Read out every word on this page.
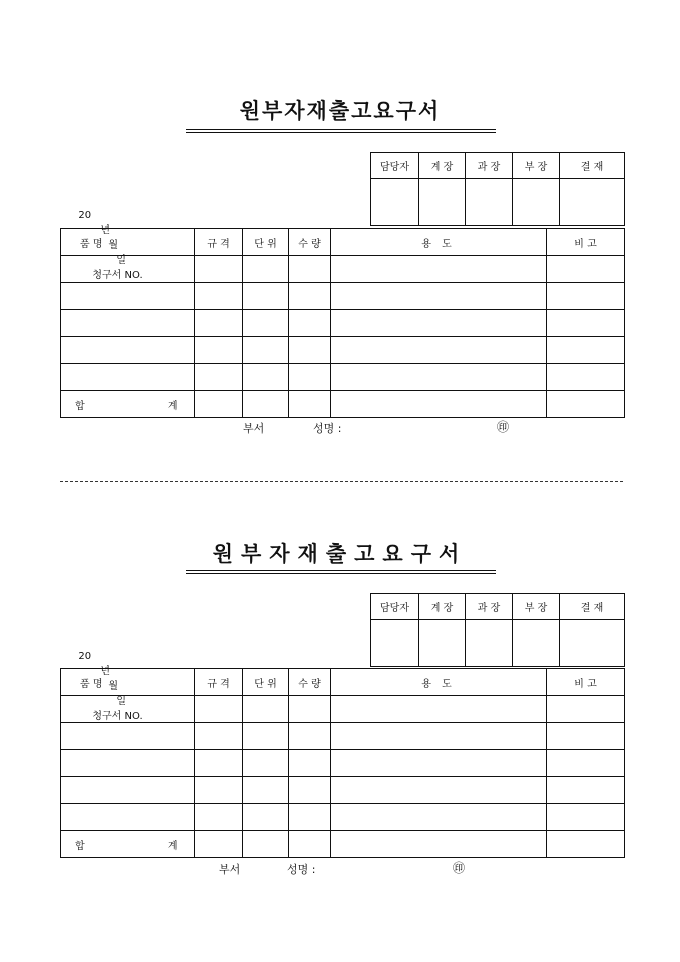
원부자재출고요구서
담당자	계 장	과 장	부 장	결 재

20
년
월
일
청구서 NO.

품 명	규 격	단 위	수 량	용 도	비 고

합 계					
부서	성명 :	㊞
원부자재출고요구서
담당자	계 장	과 장	부 장	결 재

20
년
월
일
청구서 NO.

품 명	규 격	단 위	수 량	용 도	비 고

합 계					
부서	성명 :	㊞
